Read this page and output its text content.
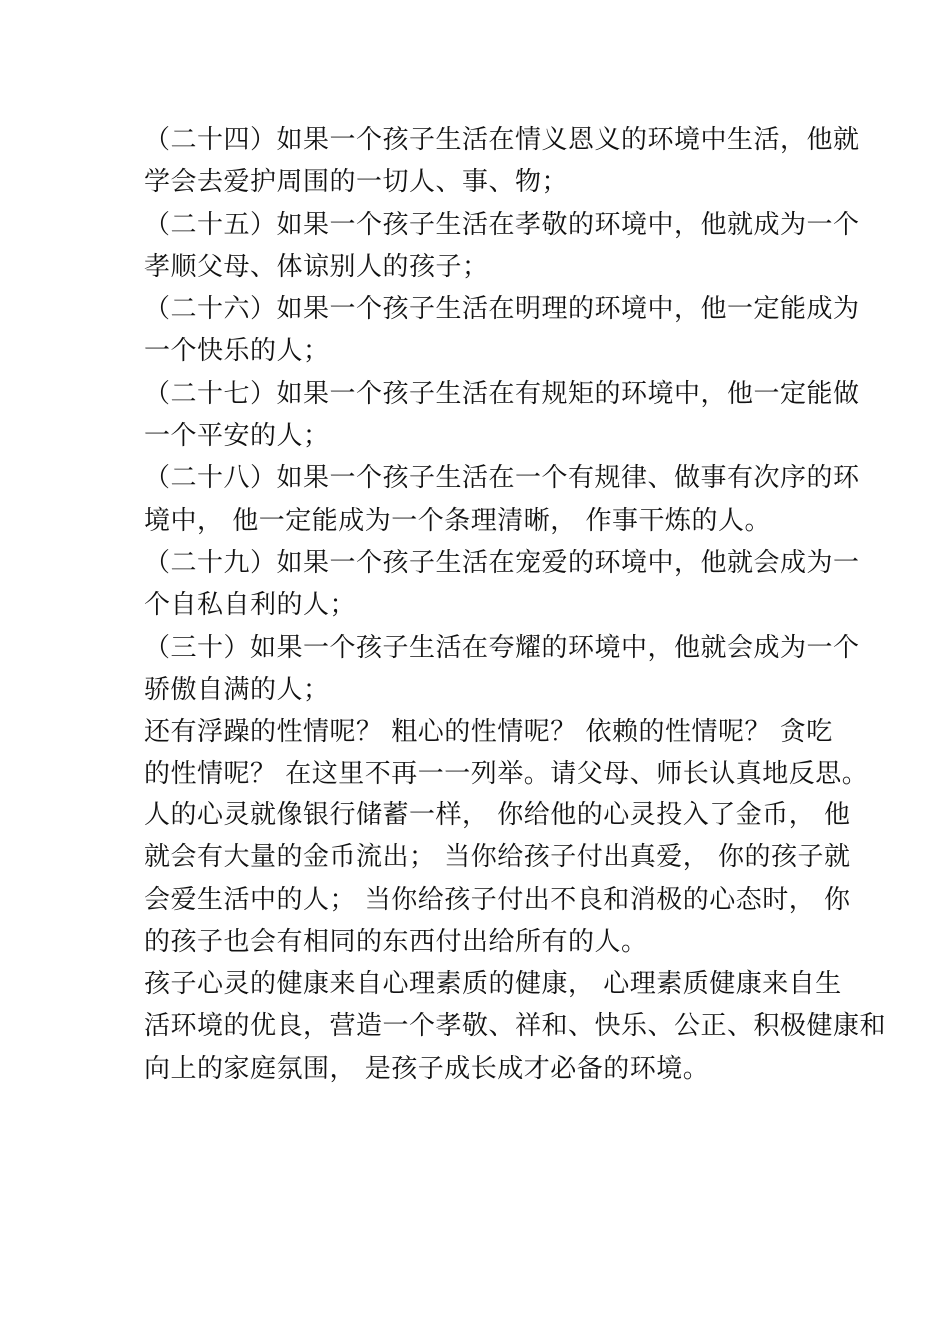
（二十四）如果一个孩子生活在情义恩义的环境中生活，他就
学会去爱护周围的一切人、事、物；
（二十五）如果一个孩子生活在孝敬的环境中，他就成为一个
孝顺父母、体谅别人的孩子；
（二十六）如果一个孩子生活在明理的环境中，他一定能成为
一个快乐的人；
（二十七）如果一个孩子生活在有规矩的环境中，他一定能做
一个平安的人；
（二十八）如果一个孩子生活在一个有规律、做事有次序的环
境中， 他一定能成为一个条理清晰， 作事干炼的人。
（二十九）如果一个孩子生活在宠爱的环境中，他就会成为一
个自私自利的人；
（三十）如果一个孩子生活在夸耀的环境中，他就会成为一个
骄傲自满的人；
还有浮躁的性情呢？ 粗心的性情呢？ 依赖的性情呢？ 贪吃
的性情呢？ 在这里不再一一列举。请父母、师长认真地反思。
人的心灵就像银行储蓄一样， 你给他的心灵投入了金币， 他
就会有大量的金币流出； 当你给孩子付出真爱， 你的孩子就
会爱生活中的人； 当你给孩子付出不良和消极的心态时， 你
的孩子也会有相同的东西付出给所有的人。
孩子心灵的健康来自心理素质的健康， 心理素质健康来自生
活环境的优良，营造一个孝敬、祥和、快乐、公正、积极健康和
向上的家庭氛围， 是孩子成长成才必备的环境。
